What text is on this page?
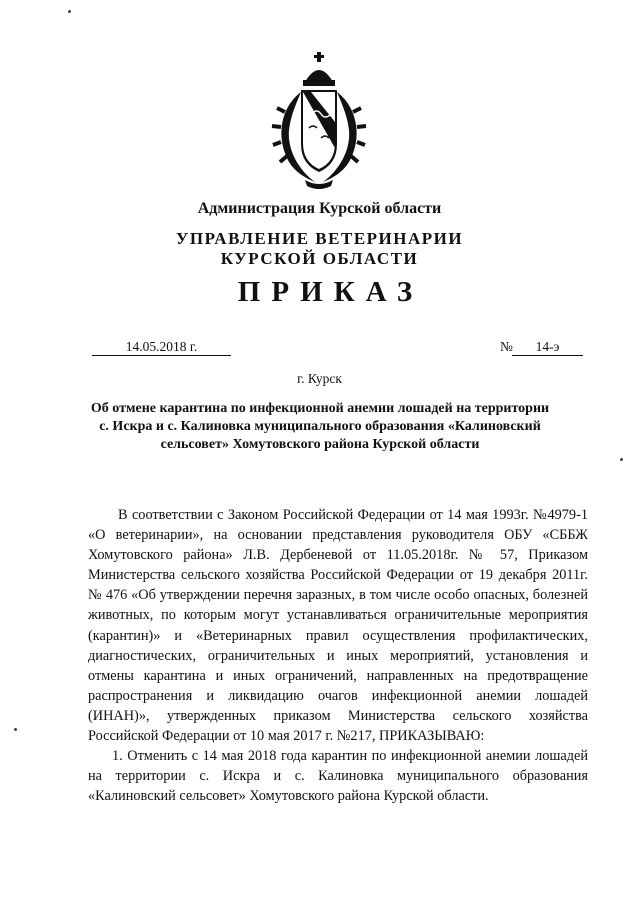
Администрация Курской области
УПРАВЛЕНИЕ ВЕТЕРИНАРИИ
КУРСКОЙ ОБЛАСТИ
ПРИКАЗ
14.05.2018 г.	№	14-э
г. Курск
Об отмене карантина по инфекционной анемии лошадей на территории с. Искра и с. Калиновка муниципального образования «Калиновский сельсовет» Хомутовского района Курской области

В соответствии с Законом Российской Федерации от 14 мая 1993г. №4979-1 «О ветеринарии», на основании представления руководителя ОБУ «СББЖ Хомутовского района» Л.В. Дербеневой от 11.05.2018г. № 57, Приказом Министерства сельского хозяйства Российской Федерации от 19 декабря 2011г. № 476 «Об утверждении перечня заразных, в том числе особо опасных, болезней животных, по которым могут устанавливаться ограничительные мероприятия (карантин)» и «Ветеринарных правил осуществления профилактических, диагностических, ограничительных и иных мероприятий, установления и отмены карантина и иных ограничений, направленных на предотвращение распространения и ликвидацию очагов инфекционной анемии лошадей (ИНАН)», утвержденных приказом Министерства сельского хозяйства Российской Федерации от 10 мая 2017 г. №217, ПРИКАЗЫВАЮ:

1. Отменить с 14 мая 2018 года карантин по инфекционной анемии лошадей на территории с. Искра и с. Калиновка муниципального образования «Калиновский сельсовет» Хомутовского района Курской области.
